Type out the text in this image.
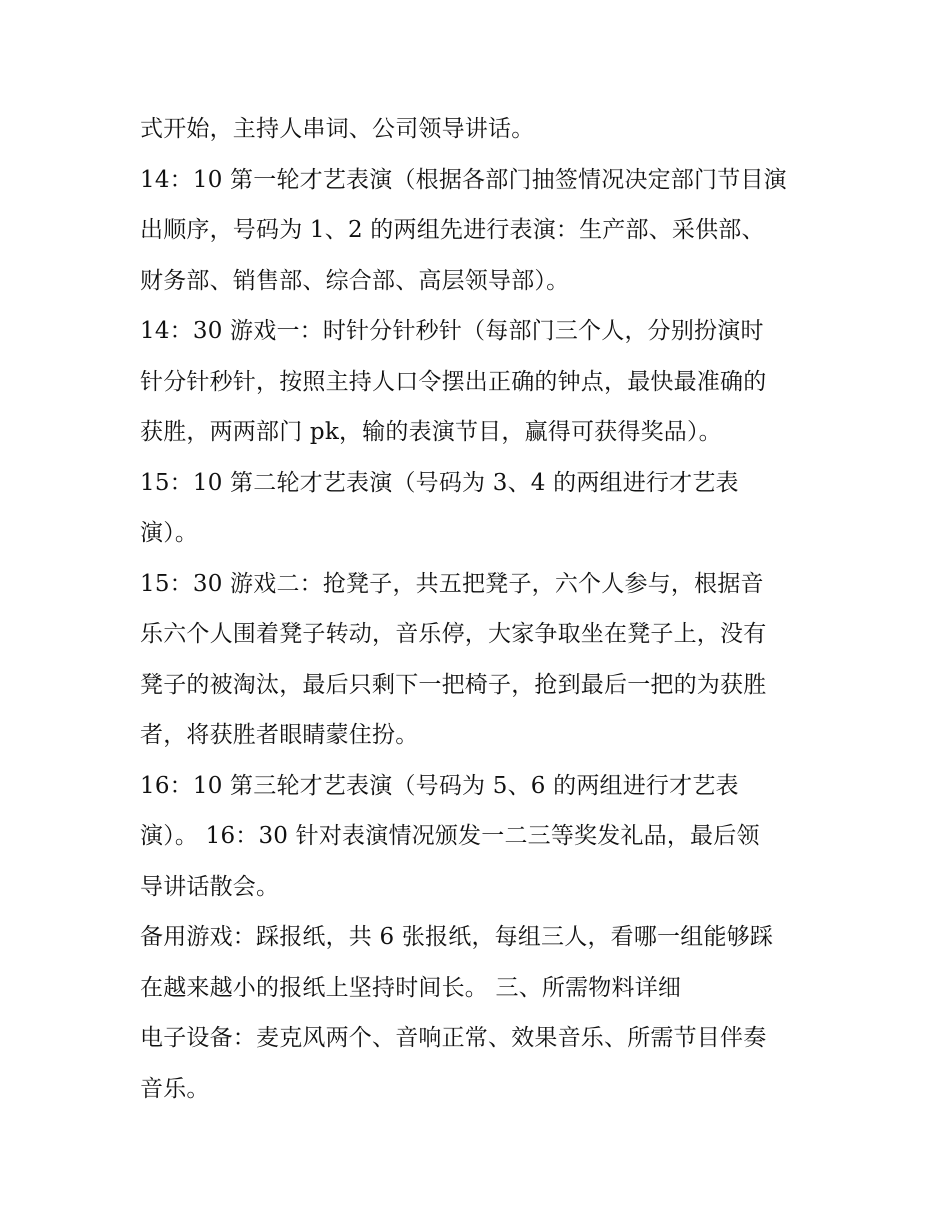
式开始，主持人串词、公司领导讲话。
14：10 第一轮才艺表演（根据各部门抽签情况决定部门节目演
出顺序，号码为 1、2 的两组先进行表演：生产部、采供部、
财务部、销售部、综合部、高层领导部）。
14：30 游戏一：时针分针秒针（每部门三个人，分别扮演时
针分针秒针，按照主持人口令摆出正确的钟点，最快最准确的
获胜，两两部门 pk，输的表演节目，赢得可获得奖品）。
15：10 第二轮才艺表演（号码为 3、4 的两组进行才艺表
演）。
15：30 游戏二：抢凳子，共五把凳子，六个人参与，根据音
乐六个人围着凳子转动，音乐停，大家争取坐在凳子上，没有
凳子的被淘汰，最后只剩下一把椅子，抢到最后一把的为获胜
者，将获胜者眼睛蒙住扮。
16：10 第三轮才艺表演（号码为 5、6 的两组进行才艺表
演）。 16：30 针对表演情况颁发一二三等奖发礼品，最后领
导讲话散会。
备用游戏：踩报纸，共 6 张报纸，每组三人，看哪一组能够踩
在越来越小的报纸上坚持时间长。 三、所需物料详细
电子设备：麦克风两个、音响正常、效果音乐、所需节目伴奏
音乐。
